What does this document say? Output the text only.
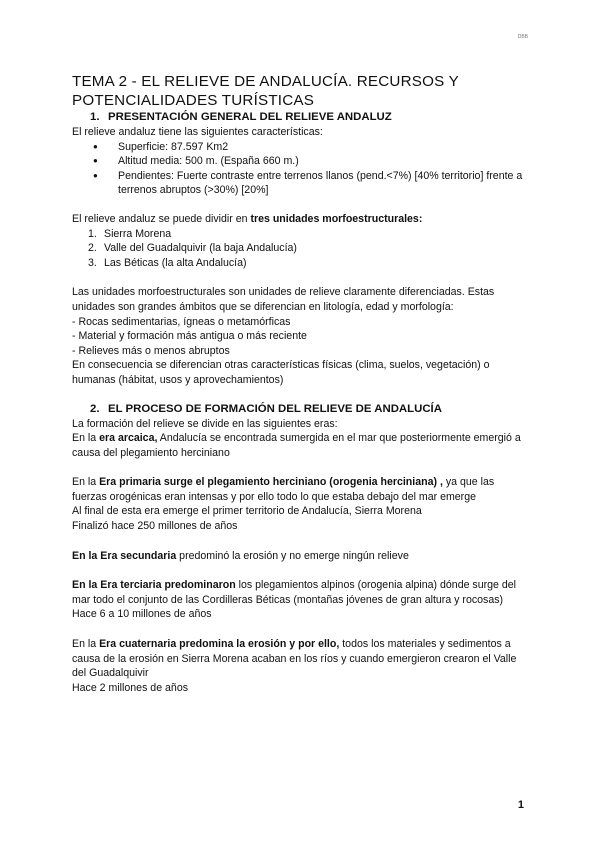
DBB
TEMA 2 - EL RELIEVE DE ANDALUCÍA. RECURSOS Y
POTENCIALIDADES TURÍSTICAS
1. PRESENTACIÓN GENERAL DEL RELIEVE ANDALUZ

El relieve andaluz tiene las siguientes características:

● Superficie: 87.597 Km2
● Altitud media: 500 m. (España 660 m.)
● Pendientes: Fuerte contraste entre terrenos llanos (pend.<7%) [40% territorio] frente a terrenos abruptos (>30%) [20%]

El relieve andaluz se puede dividir en tres unidades morfoestructurales:

1. Sierra Morena
2. Valle del Guadalquivir (la baja Andalucía)
3. Las Béticas (la alta Andalucía)

Las unidades morfoestructurales son unidades de relieve claramente diferenciadas. Estas unidades son grandes ámbitos que se diferencian en litología, edad y morfología:

- Rocas sedimentarias, ígneas o metamórficas

- Material y formación más antigua o más reciente

- Relieves más o menos abruptos

En consecuencia se diferencian otras características físicas (clima, suelos, vegetación) o humanas (hábitat, usos y aprovechamientos)

2. EL PROCESO DE FORMACIÓN DEL RELIEVE DE ANDALUCÍA

La formación del relieve se divide en las siguientes eras:

En la era arcaica, Andalucía se encontrada sumergida en el mar que posteriormente emergió a causa del plegamiento herciniano

En la Era primaria surge el plegamiento herciniano (orogenia herciniana) , ya que las fuerzas orogénicas eran intensas y por ello todo lo que estaba debajo del mar emerge

Al final de esta era emerge el primer territorio de Andalucía, Sierra Morena

Finalizó hace 250 millones de años

En la Era secundaria predominó la erosión y no emerge ningún relieve

En la Era terciaria predominaron los plegamientos alpinos (orogenia alpina) dónde surge del mar todo el conjunto de las Cordilleras Béticas (montañas jóvenes de gran altura y rocosas)

Hace 6 a 10 millones de años

En la Era cuaternaria predomina la erosión y por ello, todos los materiales y sedimentos a causa de la erosión en Sierra Morena acaban en los ríos y cuando emergieron crearon el Valle del Guadalquivir

Hace 2 millones de años

1
